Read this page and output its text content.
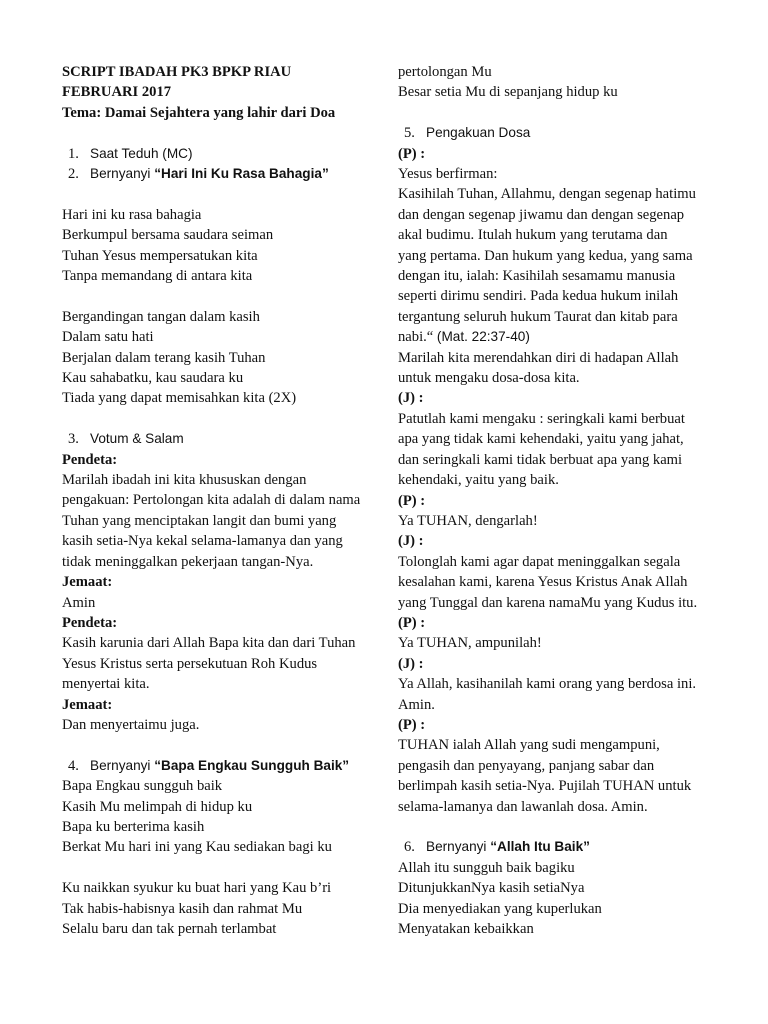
SCRIPT IBADAH PK3 BPKP RIAU
FEBRUARI 2017
Tema: Damai Sejahtera yang lahir dari Doa
1. Saat Teduh (MC)
2. Bernyanyi “Hari Ini Ku Rasa Bahagia”
Hari ini ku rasa bahagia
Berkumpul bersama saudara seiman
Tuhan Yesus mempersatukan kita
Tanpa memandang di antara kita
Bergandingan tangan dalam kasih
Dalam satu hati
Berjalan dalam terang kasih Tuhan
Kau sahabatku, kau saudara ku
Tiada yang dapat memisahkan kita (2X)
3. Votum & Salam
Pendeta:
Marilah ibadah ini kita khususkan dengan
pengakuan: Pertolongan kita adalah di dalam nama
Tuhan yang menciptakan langit dan bumi yang
kasih setia-Nya kekal selama-lamanya dan yang
tidak meninggalkan pekerjaan tangan-Nya.
Jemaat:
Amin
Pendeta:
Kasih karunia dari Allah Bapa kita dan dari Tuhan
Yesus Kristus serta persekutuan Roh Kudus
menyertai kita.
Jemaat:
Dan menyertaimu juga.
4. Bernyanyi “Bapa Engkau Sungguh Baik”
Bapa Engkau sungguh baik
Kasih Mu melimpah di hidup ku
Bapa ku berterima kasih
Berkat Mu hari ini yang Kau sediakan bagi ku
Ku naikkan syukur ku buat hari yang Kau b’ri
Tak habis-habisnya kasih dan rahmat Mu
Selalu baru dan tak pernah terlambat
pertolongan Mu
Besar setia Mu di sepanjang hidup ku
5. Pengakuan Dosa
(P) :
Yesus berfirman:
Kasihilah Tuhan, Allahmu, dengan segenap hatimu
dan dengan segenap jiwamu dan dengan segenap
akal budimu. Itulah hukum yang terutama dan
yang pertama. Dan hukum yang kedua, yang sama
dengan itu, ialah: Kasihilah sesamamu manusia
seperti dirimu sendiri. Pada kedua hukum inilah
tergantung seluruh hukum Taurat dan kitab para
nabi.“ (Mat. 22:37-40)
Marilah kita merendahkan diri di hadapan Allah
untuk mengaku dosa-dosa kita.
(J) :
Patutlah kami mengaku : seringkali kami berbuat
apa yang tidak kami kehendaki, yaitu yang jahat,
dan seringkali kami tidak berbuat apa yang kami
kehendaki, yaitu yang baik.
(P) :
Ya TUHAN, dengarlah!
(J) :
Tolonglah kami agar dapat meninggalkan segala
kesalahan kami, karena Yesus Kristus Anak Allah
yang Tunggal dan karena namaMu yang Kudus itu.
(P) :
Ya TUHAN, ampunilah!
(J) :
Ya Allah, kasihanilah kami orang yang berdosa ini.
Amin.
(P) :
TUHAN ialah Allah yang sudi mengampuni,
pengasih dan penyayang, panjang sabar dan
berlimpah kasih setia-Nya. Pujilah TUHAN untuk
selama-lamanya dan lawanlah dosa. Amin.
6. Bernyanyi “Allah Itu Baik”
Allah itu sungguh baik bagiku
DitunjukkanNya kasih setiaNya
Dia menyediakan yang kuperlukan
Menyatakan kebaikkan
